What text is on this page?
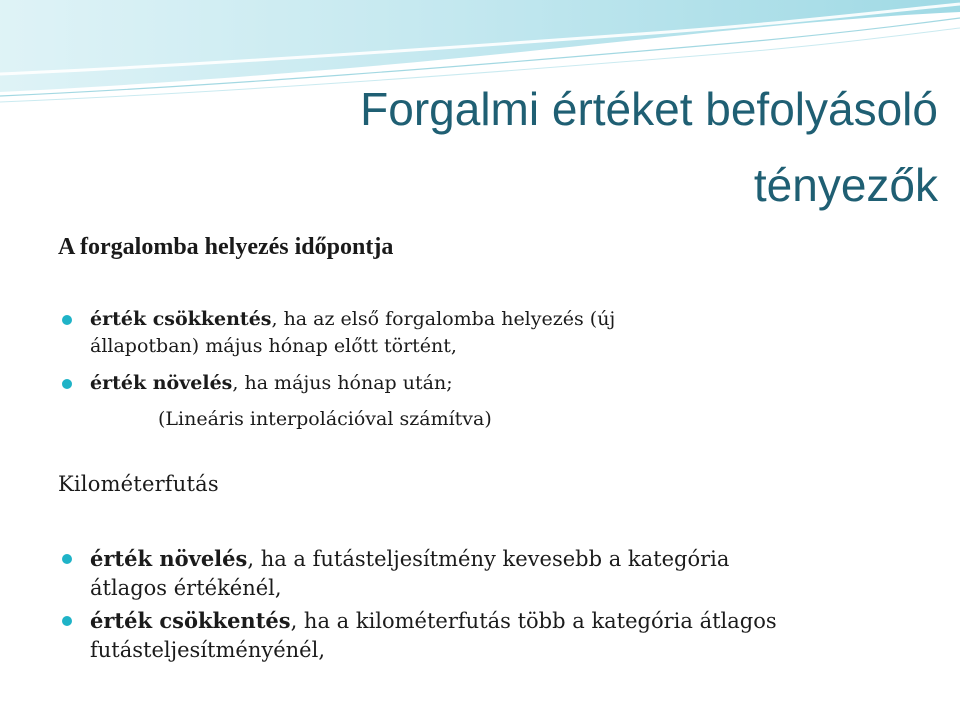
Forgalmi értéket befolyásoló
tényezők
A forgalomba helyezés időpontja
érték csökkentés, ha az első forgalomba helyezés (új
állapotban) május hónap előtt történt,
érték növelés, ha május hónap után;
(Lineáris interpolációval számítva)
Kilométerfutás
érték növelés, ha a futásteljesítmény kevesebb a kategória
átlagos értékénél,
érték csökkentés, ha a kilométerfutás több a kategória átlagos
futásteljesítményénél,
